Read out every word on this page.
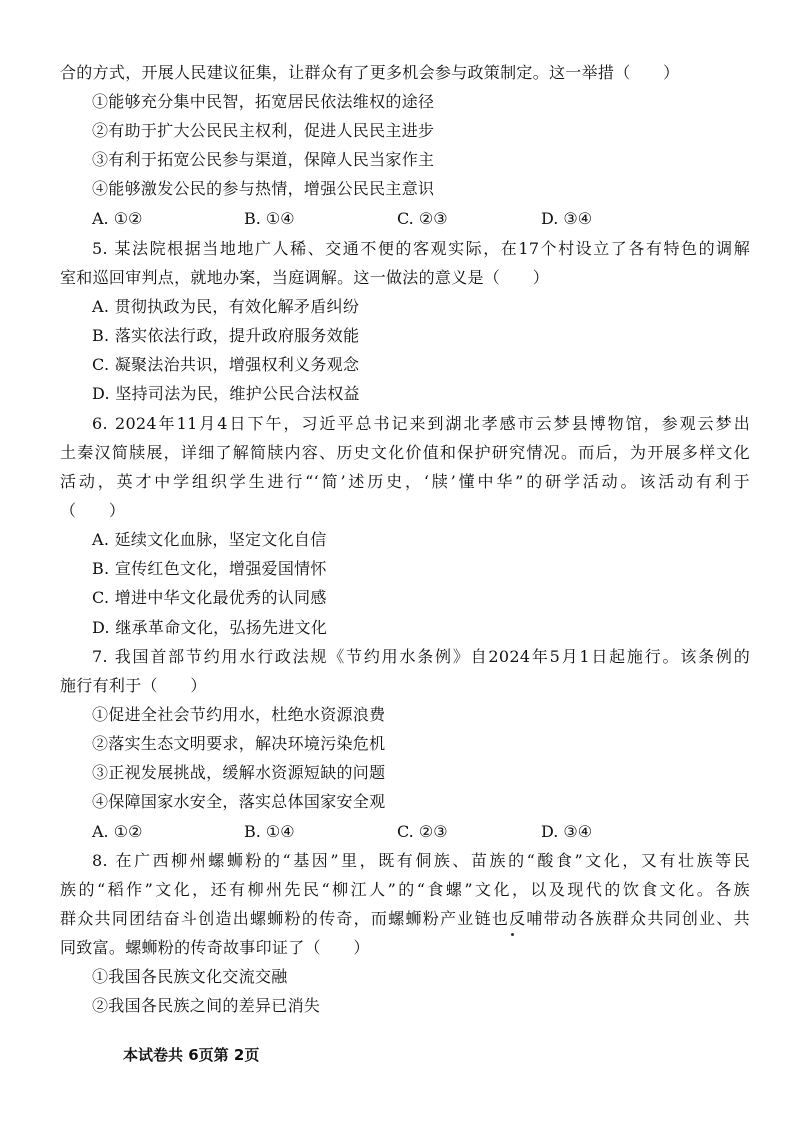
合的方式，开展人民建议征集，让群众有了更多机会参与政策制定。这一举措（　　）
①能够充分集中民智，拓宽居民依法维权的途径
②有助于扩大公民民主权利，促进人民民主进步
③有利于拓宽公民参与渠道，保障人民当家作主
④能够激发公民的参与热情，增强公民民主意识
A. ①②	B. ①④	C. ②③	D. ③④
5. 某法院根据当地地广人稀、交通不便的客观实际，在17个村设立了各有特色的调解
室和巡回审判点，就地办案，当庭调解。这一做法的意义是（　　）
A. 贯彻执政为民，有效化解矛盾纠纷
B. 落实依法行政，提升政府服务效能
C. 凝聚法治共识，增强权利义务观念
D. 坚持司法为民，维护公民合法权益
6. 2024年11月4日下午，习近平总书记来到湖北孝感市云梦县博物馆，参观云梦出
土秦汉简牍展，详细了解简牍内容、历史文化价值和保护研究情况。而后，为开展多样文化
活动，英才中学组织学生进行“‘简’述历史，‘牍’懂中华”的研学活动。该活动有利于
（　　）
A. 延续文化血脉，坚定文化自信
B. 宣传红色文化，增强爱国情怀
C. 增进中华文化最优秀的认同感
D. 继承革命文化，弘扬先进文化
7. 我国首部节约用水行政法规《节约用水条例》自2024年5月1日起施行。该条例的
施行有利于（　　）
①促进全社会节约用水，杜绝水资源浪费
②落实生态文明要求，解决环境污染危机
③正视发展挑战，缓解水资源短缺的问题
④保障国家水安全，落实总体国家安全观
A. ①②	B. ①④	C. ②③	D. ③④
8. 在广西柳州螺蛳粉的“基因”里，既有侗族、苗族的“酸食”文化，又有壮族等民
族的“稻作”文化，还有柳州先民“柳江人”的“食螺”文化，以及现代的饮食文化。各族
群众共同团结奋斗创造出螺蛳粉的传奇，而螺蛳粉产业链也反哺带动各族群众共同创业、共
同致富。螺蛳粉的传奇故事印证了（　　）
①我国各民族文化交流交融
②我国各民族之间的差异已消失
本试卷共 6页第 2页
